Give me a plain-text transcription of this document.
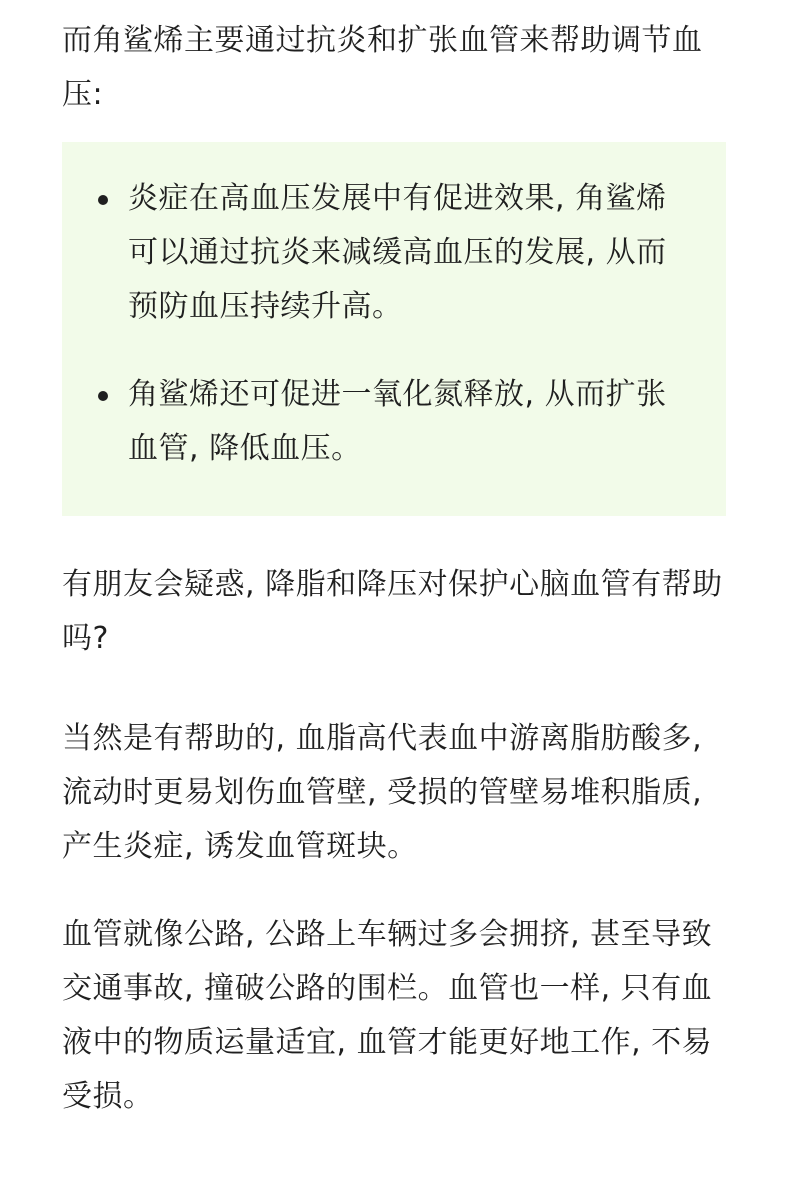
而角鲨烯主要通过抗炎和扩张血管来帮助调节血压:

炎症在高血压发展中有促进效果, 角鲨烯可以通过抗炎来减缓高血压的发展, 从而预防血压持续升高。
角鲨烯还可促进一氧化氮释放, 从而扩张血管, 降低血压。

有朋友会疑惑, 降脂和降压对保护心脑血管有帮助吗?

当然是有帮助的, 血脂高代表血中游离脂肪酸多, 流动时更易划伤血管壁, 受损的管壁易堆积脂质, 产生炎症, 诱发血管斑块。

血管就像公路, 公路上车辆过多会拥挤, 甚至导致交通事故, 撞破公路的围栏。血管也一样, 只有血液中的物质运量适宜, 血管才能更好地工作, 不易受损。
